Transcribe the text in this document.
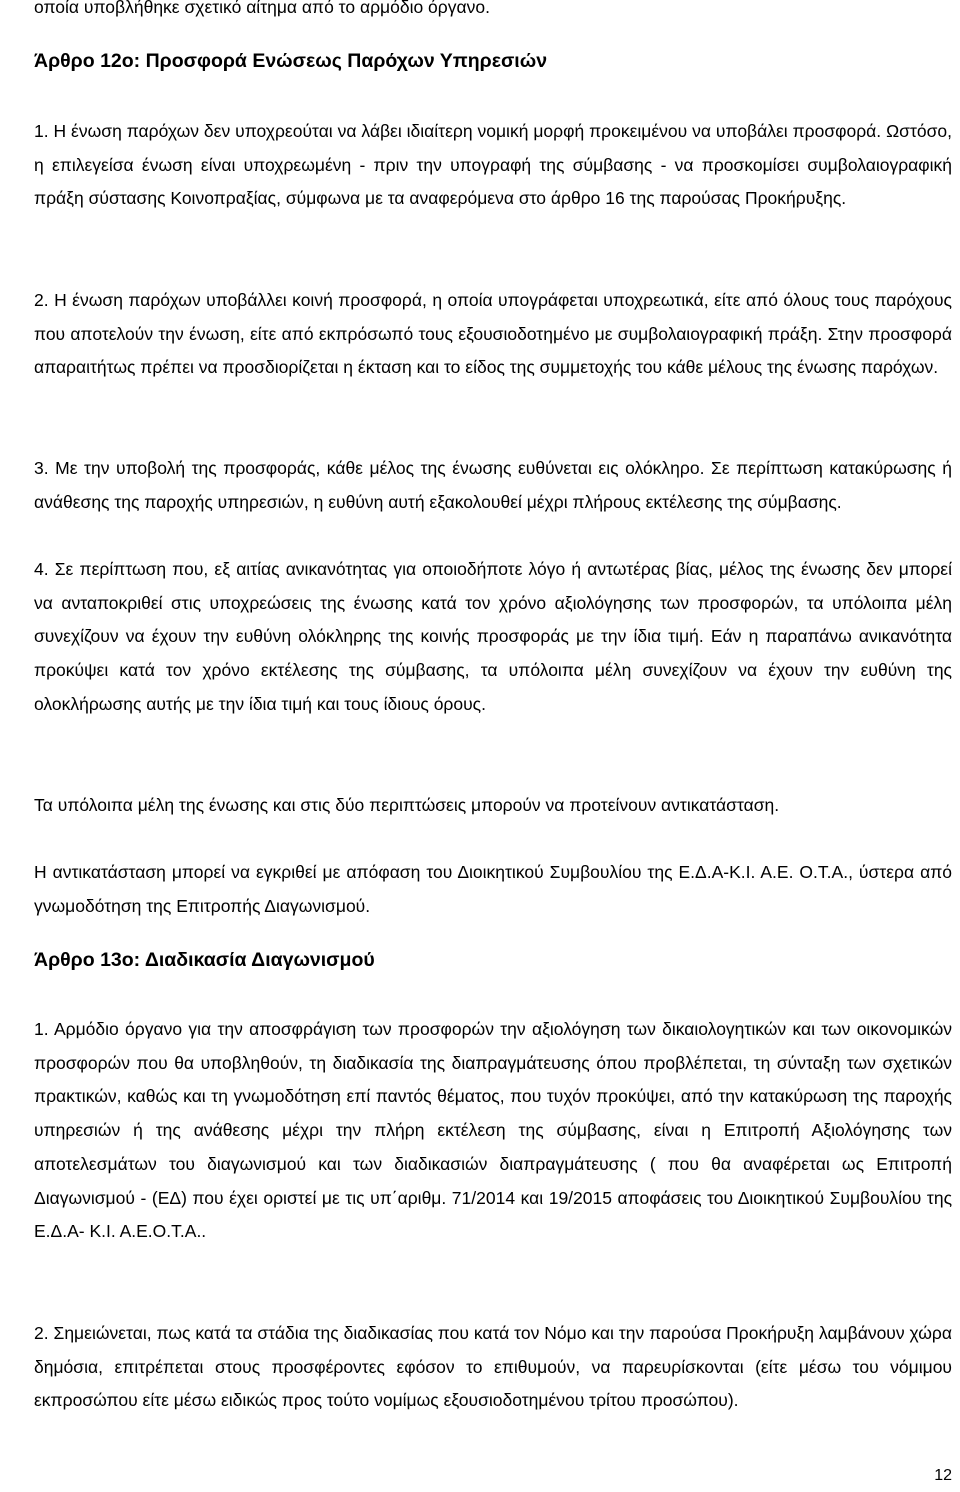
οποία υποβλήθηκε σχετικό αίτημα από το αρμόδιο όργανο.

Άρθρο 12ο: Προσφορά Ενώσεως Παρόχων Υπηρεσιών

1. Η ένωση παρόχων δεν υποχρεούται να λάβει ιδιαίτερη νομική μορφή προκειμένου να υποβάλει προσφορά. Ωστόσο, η επιλεγείσα ένωση είναι υποχρεωμένη - πριν την υπογραφή της σύμβασης - να προσκομίσει συμβολαιογραφική πράξη σύστασης Κοινοπραξίας, σύμφωνα με τα αναφερόμενα στο άρθρο 16 της παρούσας Προκήρυξης.

2. Η ένωση παρόχων υποβάλλει κοινή προσφορά, η οποία υπογράφεται υποχρεωτικά, είτε από όλους τους παρόχους που αποτελούν την ένωση, είτε από εκπρόσωπό τους εξουσιοδοτημένο με συμβολαιογραφική πράξη. Στην προσφορά απαραιτήτως πρέπει να προσδιορίζεται η έκταση και το είδος της συμμετοχής του κάθε μέλους της ένωσης παρόχων.

3. Με την υποβολή της προσφοράς, κάθε μέλος της ένωσης ευθύνεται εις ολόκληρο. Σε περίπτωση κατακύρωσης ή ανάθεσης της παροχής υπηρεσιών, η ευθύνη αυτή εξακολουθεί μέχρι πλήρους εκτέλεσης της σύμβασης.

4. Σε περίπτωση που, εξ αιτίας ανικανότητας για οποιοδήποτε λόγο ή αντωτέρας βίας, μέλος της ένωσης δεν μπορεί να ανταποκριθεί στις υποχρεώσεις της ένωσης κατά τον χρόνο αξιολόγησης των προσφορών, τα υπόλοιπα μέλη συνεχίζουν να έχουν την ευθύνη ολόκληρης της κοινής προσφοράς με την ίδια τιμή. Εάν η παραπάνω ανικανότητα προκύψει κατά τον χρόνο εκτέλεσης της σύμβασης, τα υπόλοιπα μέλη συνεχίζουν να έχουν την ευθύνη της ολοκλήρωσης αυτής με την ίδια τιμή και τους ίδιους όρους.

Τα υπόλοιπα μέλη της ένωσης και στις δύο περιπτώσεις μπορούν να προτείνουν αντικατάσταση.

Η αντικατάσταση μπορεί να εγκριθεί με απόφαση του Διοικητικού Συμβουλίου της Ε.Δ.Α-Κ.Ι. Α.Ε. Ο.Τ.Α., ύστερα από γνωμοδότηση της Επιτροπής Διαγωνισμού.

Άρθρο 13ο: Διαδικασία Διαγωνισμού

1. Αρμόδιο όργανο για την αποσφράγιση των προσφορών την αξιολόγηση των δικαιολογητικών και των οικονομικών προσφορών που θα υποβληθούν, τη διαδικασία της διαπραγμάτευσης όπου προβλέπεται, τη σύνταξη των σχετικών πρακτικών, καθώς και τη γνωμοδότηση επί παντός θέματος, που τυχόν προκύψει, από την κατακύρωση της παροχής υπηρεσιών ή της ανάθεσης μέχρι την πλήρη εκτέλεση της σύμβασης, είναι η Επιτροπή Αξιολόγησης των αποτελεσμάτων του διαγωνισμού και των διαδικασιών διαπραγμάτευσης ( που θα αναφέρεται ως Επιτροπή Διαγωνισμού - (ΕΔ) που έχει οριστεί με τις υπ΄αριθμ. 71/2014 και 19/2015 αποφάσεις του Διοικητικού Συμβουλίου της Ε.Δ.Α- Κ.Ι. Α.Ε.Ο.Τ.Α..

2. Σημειώνεται, πως κατά τα στάδια της διαδικασίας που κατά τον Νόμο και την παρούσα Προκήρυξη λαμβάνουν χώρα δημόσια, επιτρέπεται στους προσφέροντες εφόσον το επιθυμούν, να παρευρίσκονται (είτε μέσω του νόμιμου εκπροσώπου είτε μέσω ειδικώς προς τούτο νομίμως εξουσιοδοτημένου τρίτου προσώπου).

12
